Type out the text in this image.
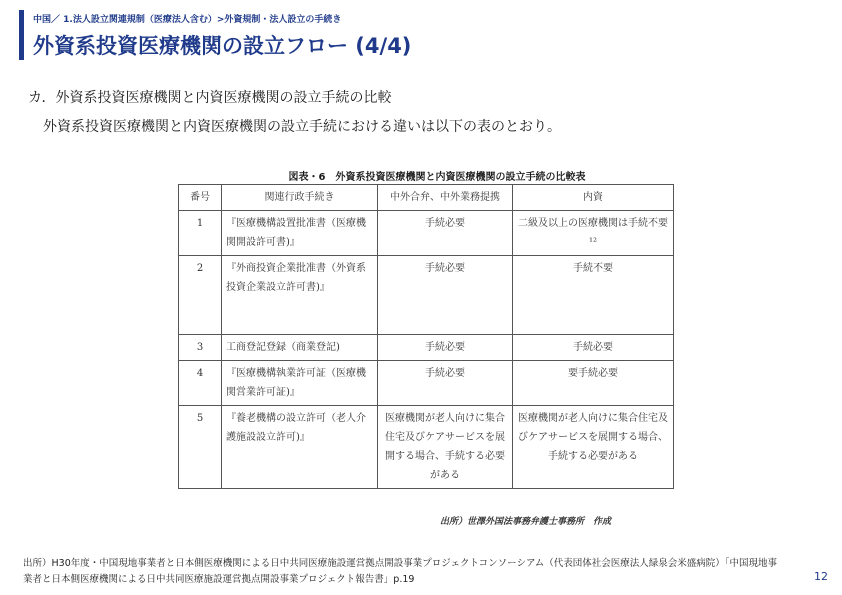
中国／ 1.法人設立関連規制（医療法人含む）>外資規制・法人設立の手続き
外資系投資医療機関の設立フロー (4/4)
カ．外資系投資医療機関と内資医療機関の設立手続の比較
外資系投資医療機関と内資医療機関の設立手続における違いは以下の表のとおり。
図表・6　外資系投資医療機関と内資医療機関の設立手続の比較表
番号	関連行政手続き	中外合弁、中外業務提携	内資
1	『医療機構設置批准書（医療機関開設許可書)』	手続必要	二級及以上の医療機関は手続不要¹²
2	『外商投資企業批准書（外資系投資企業設立許可書)』	手続必要	手続不要
3	工商登記登録（商業登記)	手続必要	手続必要
4	『医療機構執業許可証（医療機関営業許可証)』	手続必要	要手続必要
5	『養老機構の設立許可（老人介護施設設立許可)』	医療機関が老人向けに集合住宅及びケアサービスを展開する場合、手続する必要がある	医療機関が老人向けに集合住宅及びケアサービスを展開する場合、手続する必要がある
出所）世澤外国法事務弁護士事務所　作成
出所）H30年度・中国現地事業者と日本側医療機関による日中共同医療施設運営拠点開設事業プロジェクトコンソーシアム（代表団体社会医療法人緑泉会米盛病院）「中国現地事業者と日本側医療機関による日中共同医療施設運営拠点開設事業プロジェクト報告書」p.19	12
